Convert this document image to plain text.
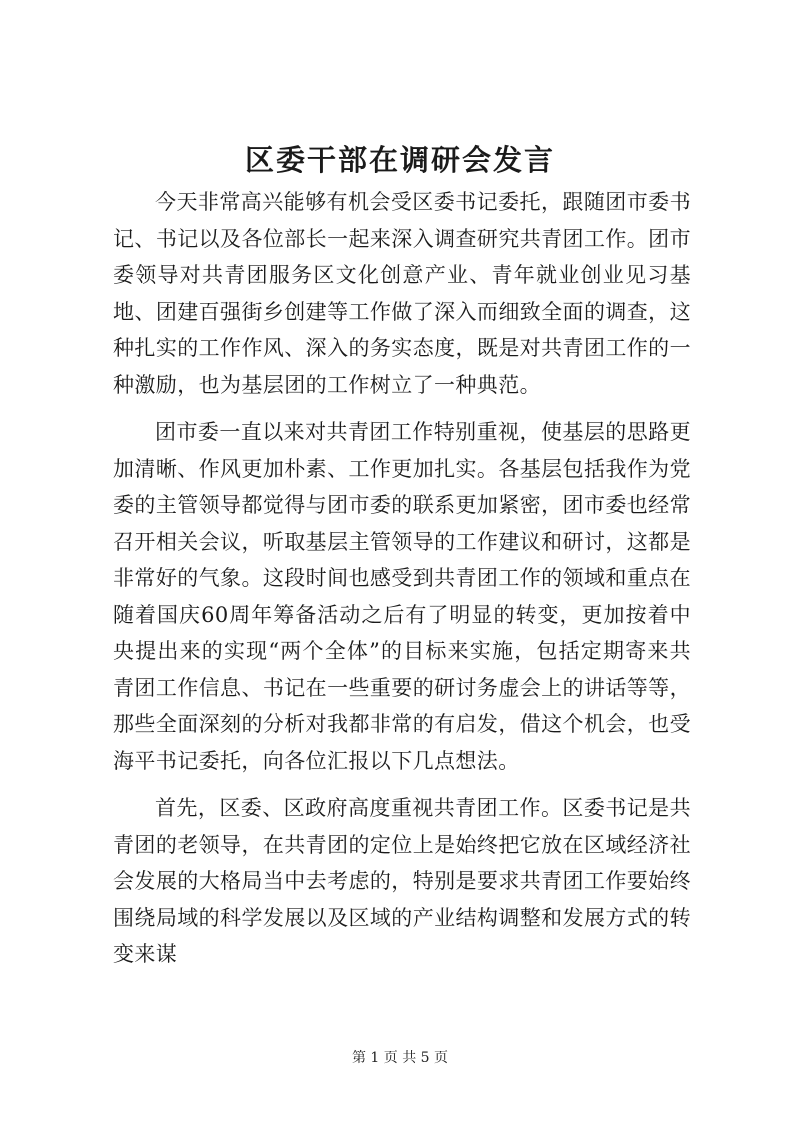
区委干部在调研会发言

今天非常高兴能够有机会受区委书记委托，跟随团市委书记、书记以及各位部长一起来深入调查研究共青团工作。团市委领导对共青团服务区文化创意产业、青年就业创业见习基地、团建百强街乡创建等工作做了深入而细致全面的调查，这种扎实的工作作风、深入的务实态度，既是对共青团工作的一种激励，也为基层团的工作树立了一种典范。

团市委一直以来对共青团工作特别重视，使基层的思路更加清晰、作风更加朴素、工作更加扎实。各基层包括我作为党委的主管领导都觉得与团市委的联系更加紧密，团市委也经常召开相关会议，听取基层主管领导的工作建议和研讨，这都是非常好的气象。这段时间也感受到共青团工作的领域和重点在随着国庆60周年筹备活动之后有了明显的转变，更加按着中央提出来的实现“两个全体”的目标来实施，包括定期寄来共青团工作信息、书记在一些重要的研讨务虚会上的讲话等等，那些全面深刻的分析对我都非常的有启发，借这个机会，也受海平书记委托，向各位汇报以下几点想法。

首先，区委、区政府高度重视共青团工作。区委书记是共青团的老领导，在共青团的定位上是始终把它放在区域经济社会发展的大格局当中去考虑的，特别是要求共青团工作要始终围绕局域的科学发展以及区域的产业结构调整和发展方式的转变来谋

第 1 页 共 5 页
